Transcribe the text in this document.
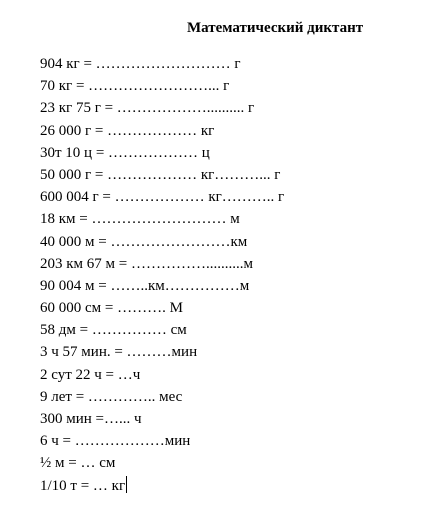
Математический диктант
904 кг = ……………………… г
70 кг = ……………………... г
23 кг 75 г = ……………….......... г
26 000 г = ……………… кг
30т 10 ц = ……………… ц
50 000 г = ……………… кг………... г
600 004 г = ……………… кг……….. г
18 км = ……………………… м
40 000 м = ……………………км
203 км 67 м = ……………..........м
90 004 м = ……..км……………м
60 000 см = ………. М
58 дм = …………… см
3 ч 57 мин. = ………мин
2 сут 22 ч = …ч
9 лет = ………….. мес
300 мин =…... ч
6 ч = ………………мин
½ м = … см
1/10 т = … кг
